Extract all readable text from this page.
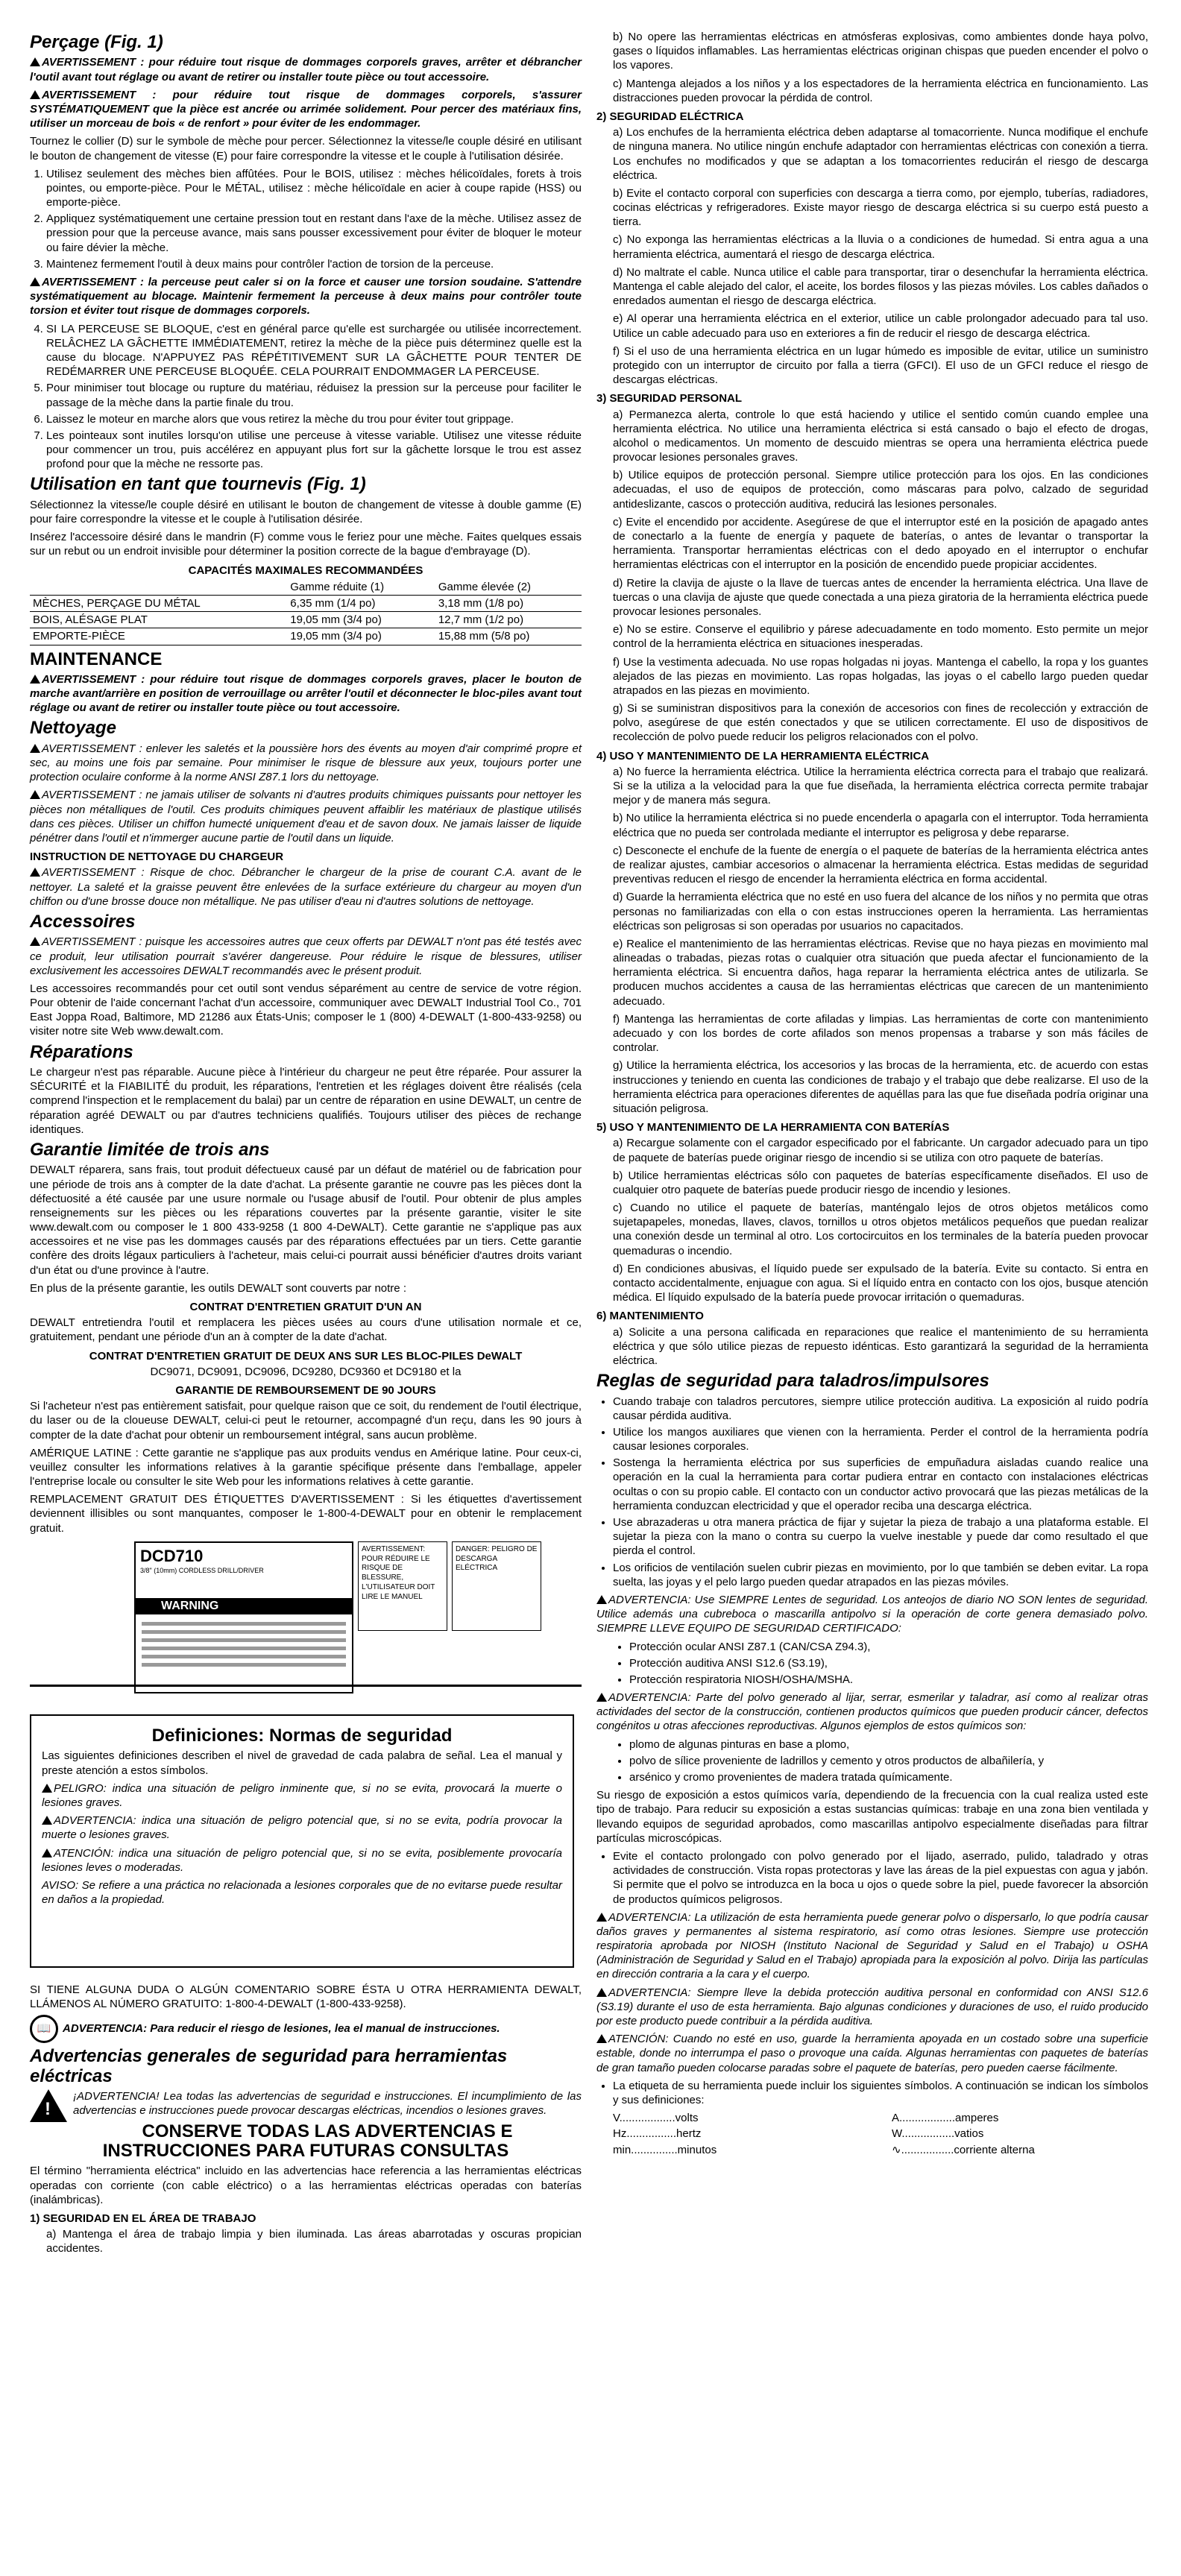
Perçage (Fig. 1)

AVERTISSEMENT : pour réduire tout risque de dommages corporels graves, arrêter et débrancher l'outil avant tout réglage ou avant de retirer ou installer toute pièce ou tout accessoire.

AVERTISSEMENT : pour réduire tout risque de dommages corporels, s'assurer SYSTÉMATIQUEMENT que la pièce est ancrée ou arrimée solidement. Pour percer des matériaux fins, utiliser un morceau de bois « de renfort » pour éviter de les endommager.

Tournez le collier (D) sur le symbole de mèche pour percer. Sélectionnez la vitesse/le couple désiré en utilisant le bouton de changement de vitesse (E) pour faire correspondre la vitesse et le couple à l'utilisation désirée.

1. Utilisez seulement des mèches bien affûtées. Pour le BOIS, utilisez : mèches hélicoïdales, forets à trois pointes, ou emporte-pièce. Pour le MÉTAL, utilisez : mèche hélicoïdale en acier à coupe rapide (HSS) ou emporte-pièce.
2. Appliquez systématiquement une certaine pression tout en restant dans l'axe de la mèche. Utilisez assez de pression pour que la perceuse avance, mais sans pousser excessivement pour éviter de bloquer le moteur ou faire dévier la mèche.
3. Maintenez fermement l'outil à deux mains pour contrôler l'action de torsion de la perceuse.

AVERTISSEMENT : la perceuse peut caler si on la force et causer une torsion soudaine. S'attendre systématiquement au blocage. Maintenir fermement la perceuse à deux mains pour contrôler toute torsion et éviter tout risque de dommages corporels.

4. SI LA PERCEUSE SE BLOQUE, c'est en général parce qu'elle est surchargée ou utilisée incorrectement. RELÂCHEZ LA GÂCHETTE IMMÉDIATEMENT, retirez la mèche de la pièce puis déterminez quelle est la cause du blocage. N'APPUYEZ PAS RÉPÉTITIVEMENT SUR LA GÂCHETTE POUR TENTER DE REDÉMARRER UNE PERCEUSE BLOQUÉE. CELA POURRAIT ENDOMMAGER LA PERCEUSE.
5. Pour minimiser tout blocage ou rupture du matériau, réduisez la pression sur la perceuse pour faciliter le passage de la mèche dans la partie finale du trou.
6. Laissez le moteur en marche alors que vous retirez la mèche du trou pour éviter tout grippage.
7. Les pointeaux sont inutiles lorsqu'on utilise une perceuse à vitesse variable. Utilisez une vitesse réduite pour commencer un trou, puis accélérez en appuyant plus fort sur la gâchette lorsque le trou est assez profond pour que la mèche ne ressorte pas.
Utilisation en tant que tournevis (Fig. 1)

Sélectionnez la vitesse/le couple désiré en utilisant le bouton de changement de vitesse à double gamme (E) pour faire correspondre la vitesse et le couple à l'utilisation désirée.

Insérez l'accessoire désiré dans le mandrin (F) comme vous le feriez pour une mèche. Faites quelques essais sur un rebut ou un endroit invisible pour déterminer la position correcte de la bague d'embrayage (D).

CAPACITÉS MAXIMALES RECOMMANDÉES
	Gamme réduite (1)	Gamme élevée (2)
MÈCHES, PERÇAGE DU MÉTAL	6,35 mm (1/4 po)	3,18 mm (1/8 po)
BOIS, ALÉSAGE PLAT	19,05 mm (3/4 po)	12,7 mm (1/2 po)
EMPORTE-PIÈCE	19,05 mm (3/4 po)	15,88 mm (5/8 po)
MAINTENANCE

AVERTISSEMENT : pour réduire tout risque de dommages corporels graves, placer le bouton de marche avant/arrière en position de verrouillage ou arrêter l'outil et déconnecter le bloc-piles avant tout réglage ou avant de retirer ou installer toute pièce ou tout accessoire.

Nettoyage

AVERTISSEMENT : enlever les saletés et la poussière hors des évents au moyen d'air comprimé propre et sec, au moins une fois par semaine. Pour minimiser le risque de blessure aux yeux, toujours porter une protection oculaire conforme à la norme ANSI Z87.1 lors du nettoyage.

AVERTISSEMENT : ne jamais utiliser de solvants ni d'autres produits chimiques puissants pour nettoyer les pièces non métalliques de l'outil. Ces produits chimiques peuvent affaiblir les matériaux de plastique utilisés dans ces pièces. Utiliser un chiffon humecté uniquement d'eau et de savon doux. Ne jamais laisser de liquide pénétrer dans l'outil et n'immerger aucune partie de l'outil dans un liquide.

INSTRUCTION DE NETTOYAGE DU CHARGEUR

AVERTISSEMENT : Risque de choc. Débrancher le chargeur de la prise de courant C.A. avant de le nettoyer. La saleté et la graisse peuvent être enlevées de la surface extérieure du chargeur au moyen d'un chiffon ou d'une brosse douce non métallique. Ne pas utiliser d'eau ni d'autres solutions de nettoyage.

Accessoires

AVERTISSEMENT : puisque les accessoires autres que ceux offerts par DEWALT n'ont pas été testés avec ce produit, leur utilisation pourrait s'avérer dangereuse. Pour réduire le risque de blessures, utiliser exclusivement les accessoires DEWALT recommandés avec le présent produit.

Les accessoires recommandés pour cet outil sont vendus séparément au centre de service de votre région. Pour obtenir de l'aide concernant l'achat d'un accessoire, communiquer avec DEWALT Industrial Tool Co., 701 East Joppa Road, Baltimore, MD 21286 aux États-Unis; composer le 1 (800) 4-DEWALT (1-800-433-9258) ou visiter notre site Web www.dewalt.com.

Réparations

Le chargeur n'est pas réparable. Aucune pièce à l'intérieur du chargeur ne peut être réparée. Pour assurer la SÉCURITÉ et la FIABILITÉ du produit, les réparations, l'entretien et les réglages doivent être réalisés (cela comprend l'inspection et le remplacement du balai) par un centre de réparation en usine DEWALT, un centre de réparation agréé DEWALT ou par d'autres techniciens qualifiés. Toujours utiliser des pièces de rechange identiques.

Garantie limitée de trois ans

DEWALT réparera, sans frais, tout produit défectueux causé par un défaut de matériel ou de fabrication pour une période de trois ans à compter de la date d'achat. La présente garantie ne couvre pas les pièces dont la défectuosité a été causée par une usure normale ou l'usage abusif de l'outil. Pour obtenir de plus amples renseignements sur les pièces ou les réparations couvertes par la présente garantie, visiter le site www.dewalt.com ou composer le 1 800 433-9258 (1 800 4-DeWALT). Cette garantie ne s'applique pas aux accessoires et ne vise pas les dommages causés par des réparations effectuées par un tiers. Cette garantie confère des droits légaux particuliers à l'acheteur, mais celui-ci pourrait aussi bénéficier d'autres droits variant d'un état ou d'une province à l'autre.

En plus de la présente garantie, les outils DEWALT sont couverts par notre :

CONTRAT D'ENTRETIEN GRATUIT D'UN AN

DEWALT entretiendra l'outil et remplacera les pièces usées au cours d'une utilisation normale et ce, gratuitement, pendant une période d'un an à compter de la date d'achat.

CONTRAT D'ENTRETIEN GRATUIT DE DEUX ANS SUR LES BLOC-PILES DeWALT

DC9071, DC9091, DC9096, DC9280, DC9360 et DC9180 et la

GARANTIE DE REMBOURSEMENT DE 90 JOURS

Si l'acheteur n'est pas entièrement satisfait, pour quelque raison que ce soit, du rendement de l'outil électrique, du laser ou de la cloueuse DEWALT, celui-ci peut le retourner, accompagné d'un reçu, dans les 90 jours à compter de la date d'achat pour obtenir un remboursement intégral, sans aucun problème.

AMÉRIQUE LATINE : Cette garantie ne s'applique pas aux produits vendus en Amérique latine. Pour ceux-ci, veuillez consulter les informations relatives à la garantie spécifique présente dans l'emballage, appeler l'entreprise locale ou consulter le site Web pour les informations relatives à cette garantie.

REMPLACEMENT GRATUIT DES ÉTIQUETTES D'AVERTISSEMENT : Si les étiquettes d'avertissement deviennent illisibles ou sont manquantes, composer le 1-800-4-DEWALT pour en obtenir le remplacement gratuit.

DCD710
3/8" (10mm) CORDLESS DRILL/DRIVER
WARNING
AVERTISSEMENT: POUR RÉDUIRE LE RISQUE DE BLESSURE, L'UTILISATEUR DOIT LIRE LE MANUEL
DANGER: PELIGRO DE DESCARGA ELÉCTRICA
Definiciones: Normas de seguridad

Las siguientes definiciones describen el nivel de gravedad de cada palabra de señal. Lea el manual y preste atención a estos símbolos.

PELIGRO: indica una situación de peligro inminente que, si no se evita, provocará la muerte o lesiones graves.

ADVERTENCIA: indica una situación de peligro potencial que, si no se evita, podría provocar la muerte o lesiones graves.

ATENCIÓN: indica una situación de peligro potencial que, si no se evita, posiblemente provocaría lesiones leves o moderadas.

AVISO: Se refiere a una práctica no relacionada a lesiones corporales que de no evitarse puede resultar en daños a la propiedad.

SI TIENE ALGUNA DUDA O ALGÚN COMENTARIO SOBRE ÉSTA U OTRA HERRAMIENTA DEWALT, LLÁMENOS AL NÚMERO GRATUITO: 1-800-4-DEWALT (1-800-433-9258).

📖 ADVERTENCIA: Para reducir el riesgo de lesiones, lea el manual de instrucciones.

Advertencias generales de seguridad para herramientas eléctricas

!
¡ADVERTENCIA! Lea todas las advertencias de seguridad e instrucciones. El incumplimiento de las advertencias e instrucciones puede provocar descargas eléctricas, incendios o lesiones graves.

CONSERVE TODAS LAS ADVERTENCIAS E INSTRUCCIONES PARA FUTURAS CONSULTAS

El término "herramienta eléctrica" incluido en las advertencias hace referencia a las herramientas eléctricas operadas con corriente (con cable eléctrico) o a las herramientas eléctricas operadas con baterías (inalámbricas).

1) SEGURIDAD EN EL ÁREA DE TRABAJO

a) Mantenga el área de trabajo limpia y bien iluminada. Las áreas abarrotadas y oscuras propician accidentes.

b) No opere las herramientas eléctricas en atmósferas explosivas, como ambientes donde haya polvo, gases o líquidos inflamables. Las herramientas eléctricas originan chispas que pueden encender el polvo o los vapores.

c) Mantenga alejados a los niños y a los espectadores de la herramienta eléctrica en funcionamiento. Las distracciones pueden provocar la pérdida de control.

2) SEGURIDAD ELÉCTRICA

a) Los enchufes de la herramienta eléctrica deben adaptarse al tomacorriente. Nunca modifique el enchufe de ninguna manera. No utilice ningún enchufe adaptador con herramientas eléctricas con conexión a tierra. Los enchufes no modificados y que se adaptan a los tomacorrientes reducirán el riesgo de descarga eléctrica.

b) Evite el contacto corporal con superficies con descarga a tierra como, por ejemplo, tuberías, radiadores, cocinas eléctricas y refrigeradores. Existe mayor riesgo de descarga eléctrica si su cuerpo está puesto a tierra.

c) No exponga las herramientas eléctricas a la lluvia o a condiciones de humedad. Si entra agua a una herramienta eléctrica, aumentará el riesgo de descarga eléctrica.

d) No maltrate el cable. Nunca utilice el cable para transportar, tirar o desenchufar la herramienta eléctrica. Mantenga el cable alejado del calor, el aceite, los bordes filosos y las piezas móviles. Los cables dañados o enredados aumentan el riesgo de descarga eléctrica.

e) Al operar una herramienta eléctrica en el exterior, utilice un cable prolongador adecuado para tal uso. Utilice un cable adecuado para uso en exteriores a fin de reducir el riesgo de descarga eléctrica.

f) Si el uso de una herramienta eléctrica en un lugar húmedo es imposible de evitar, utilice un suministro protegido con un interruptor de circuito por falla a tierra (GFCI). El uso de un GFCI reduce el riesgo de descargas eléctricas.

3) SEGURIDAD PERSONAL

a) Permanezca alerta, controle lo que está haciendo y utilice el sentido común cuando emplee una herramienta eléctrica. No utilice una herramienta eléctrica si está cansado o bajo el efecto de drogas, alcohol o medicamentos. Un momento de descuido mientras se opera una herramienta eléctrica puede provocar lesiones personales graves.

b) Utilice equipos de protección personal. Siempre utilice protección para los ojos. En las condiciones adecuadas, el uso de equipos de protección, como máscaras para polvo, calzado de seguridad antideslizante, cascos o protección auditiva, reducirá las lesiones personales.

c) Evite el encendido por accidente. Asegúrese de que el interruptor esté en la posición de apagado antes de conectarlo a la fuente de energía y paquete de baterías, o antes de levantar o transportar la herramienta. Transportar herramientas eléctricas con el dedo apoyado en el interruptor o enchufar herramientas eléctricas con el interruptor en la posición de encendido puede propiciar accidentes.

d) Retire la clavija de ajuste o la llave de tuercas antes de encender la herramienta eléctrica. Una llave de tuercas o una clavija de ajuste que quede conectada a una pieza giratoria de la herramienta eléctrica puede provocar lesiones personales.

e) No se estire. Conserve el equilibrio y párese adecuadamente en todo momento. Esto permite un mejor control de la herramienta eléctrica en situaciones inesperadas.

f) Use la vestimenta adecuada. No use ropas holgadas ni joyas. Mantenga el cabello, la ropa y los guantes alejados de las piezas en movimiento. Las ropas holgadas, las joyas o el cabello largo pueden quedar atrapados en las piezas en movimiento.

g) Si se suministran dispositivos para la conexión de accesorios con fines de recolección y extracción de polvo, asegúrese de que estén conectados y que se utilicen correctamente. El uso de dispositivos de recolección de polvo puede reducir los peligros relacionados con el polvo.

4) USO Y MANTENIMIENTO DE LA HERRAMIENTA ELÉCTRICA

a) No fuerce la herramienta eléctrica. Utilice la herramienta eléctrica correcta para el trabajo que realizará. Si se la utiliza a la velocidad para la que fue diseñada, la herramienta eléctrica correcta permite trabajar mejor y de manera más segura.

b) No utilice la herramienta eléctrica si no puede encenderla o apagarla con el interruptor. Toda herramienta eléctrica que no pueda ser controlada mediante el interruptor es peligrosa y debe repararse.

c) Desconecte el enchufe de la fuente de energía o el paquete de baterías de la herramienta eléctrica antes de realizar ajustes, cambiar accesorios o almacenar la herramienta eléctrica. Estas medidas de seguridad preventivas reducen el riesgo de encender la herramienta eléctrica en forma accidental.

d) Guarde la herramienta eléctrica que no esté en uso fuera del alcance de los niños y no permita que otras personas no familiarizadas con ella o con estas instrucciones operen la herramienta. Las herramientas eléctricas son peligrosas si son operadas por usuarios no capacitados.

e) Realice el mantenimiento de las herramientas eléctricas. Revise que no haya piezas en movimiento mal alineadas o trabadas, piezas rotas o cualquier otra situación que pueda afectar el funcionamiento de la herramienta eléctrica. Si encuentra daños, haga reparar la herramienta eléctrica antes de utilizarla. Se producen muchos accidentes a causa de las herramientas eléctricas que carecen de un mantenimiento adecuado.

f) Mantenga las herramientas de corte afiladas y limpias. Las herramientas de corte con mantenimiento adecuado y con los bordes de corte afilados son menos propensas a trabarse y son más fáciles de controlar.

g) Utilice la herramienta eléctrica, los accesorios y las brocas de la herramienta, etc. de acuerdo con estas instrucciones y teniendo en cuenta las condiciones de trabajo y el trabajo que debe realizarse. El uso de la herramienta eléctrica para operaciones diferentes de aquéllas para las que fue diseñada podría originar una situación peligrosa.

5) USO Y MANTENIMIENTO DE LA HERRAMIENTA CON BATERÍAS

a) Recargue solamente con el cargador especificado por el fabricante. Un cargador adecuado para un tipo de paquete de baterías puede originar riesgo de incendio si se utiliza con otro paquete de baterías.

b) Utilice herramientas eléctricas sólo con paquetes de baterías específicamente diseñados. El uso de cualquier otro paquete de baterías puede producir riesgo de incendio y lesiones.

c) Cuando no utilice el paquete de baterías, manténgalo lejos de otros objetos metálicos como sujetapapeles, monedas, llaves, clavos, tornillos u otros objetos metálicos pequeños que puedan realizar una conexión desde un terminal al otro. Los cortocircuitos en los terminales de la batería pueden provocar quemaduras o incendio.

d) En condiciones abusivas, el líquido puede ser expulsado de la batería. Evite su contacto. Si entra en contacto accidentalmente, enjuague con agua. Si el líquido entra en contacto con los ojos, busque atención médica. El líquido expulsado de la batería puede provocar irritación o quemaduras.

6) MANTENIMIENTO

a) Solicite a una persona calificada en reparaciones que realice el mantenimiento de su herramienta eléctrica y que sólo utilice piezas de repuesto idénticas. Esto garantizará la seguridad de la herramienta eléctrica.

Reglas de seguridad para taladros/impulsores
• Cuando trabaje con taladros percutores, siempre utilice protección auditiva. La exposición al ruido podría causar pérdida auditiva.
• Utilice los mangos auxiliares que vienen con la herramienta. Perder el control de la herramienta podría causar lesiones corporales.
• Sostenga la herramienta eléctrica por sus superficies de empuñadura aisladas cuando realice una operación en la cual la herramienta para cortar pudiera entrar en contacto con instalaciones eléctricas ocultas o con su propio cable. El contacto con un conductor activo provocará que las piezas metálicas de la herramienta conduzcan electricidad y que el operador reciba una descarga eléctrica.
• Use abrazaderas u otra manera práctica de fijar y sujetar la pieza de trabajo a una plataforma estable. El sujetar la pieza con la mano o contra su cuerpo la vuelve inestable y puede dar como resultado el que pierda el control.
• Los orificios de ventilación suelen cubrir piezas en movimiento, por lo que también se deben evitar. La ropa suelta, las joyas y el pelo largo pueden quedar atrapados en las piezas móviles.

ADVERTENCIA: Use SIEMPRE Lentes de seguridad. Los anteojos de diario NO SON lentes de seguridad. Utilice además una cubreboca o mascarilla antipolvo si la operación de corte genera demasiado polvo. SIEMPRE LLEVE EQUIPO DE SEGURIDAD CERTIFICADO:

• Protección ocular ANSI Z87.1 (CAN/CSA Z94.3),
• Protección auditiva ANSI S12.6 (S3.19),
• Protección respiratoria NIOSH/OSHA/MSHA.

ADVERTENCIA: Parte del polvo generado al lijar, serrar, esmerilar y taladrar, así como al realizar otras actividades del sector de la construcción, contienen productos químicos que pueden producir cáncer, defectos congénitos u otras afecciones reproductivas. Algunos ejemplos de estos químicos son:

• plomo de algunas pinturas en base a plomo,
• polvo de sílice proveniente de ladrillos y cemento y otros productos de albañilería, y
• arsénico y cromo provenientes de madera tratada químicamente.

Su riesgo de exposición a estos químicos varía, dependiendo de la frecuencia con la cual realiza usted este tipo de trabajo. Para reducir su exposición a estas sustancias químicas: trabaje en una zona bien ventilada y llevando equipos de seguridad aprobados, como mascarillas antipolvo especialmente diseñadas para filtrar partículas microscópicas.

• Evite el contacto prolongado con polvo generado por el lijado, aserrado, pulido, taladrado y otras actividades de construcción. Vista ropas protectoras y lave las áreas de la piel expuestas con agua y jabón. Si permite que el polvo se introduzca en la boca u ojos o quede sobre la piel, puede favorecer la absorción de productos químicos peligrosos.

ADVERTENCIA: La utilización de esta herramienta puede generar polvo o dispersarlo, lo que podría causar daños graves y permanentes al sistema respiratorio, así como otras lesiones. Siempre use protección respiratoria aprobada por NIOSH (Instituto Nacional de Seguridad y Salud en el Trabajo) u OSHA (Administración de Seguridad y Salud en el Trabajo) apropiada para la exposición al polvo. Dirija las partículas en dirección contraria a la cara y el cuerpo.

ADVERTENCIA: Siempre lleve la debida protección auditiva personal en conformidad con ANSI S12.6 (S3.19) durante el uso de esta herramienta. Bajo algunas condiciones y duraciones de uso, el ruido producido por este producto puede contribuir a la pérdida auditiva.

ATENCIÓN: Cuando no esté en uso, guarde la herramienta apoyada en un costado sobre una superficie estable, donde no interrumpa el paso o provoque una caída. Algunas herramientas con paquetes de baterías de gran tamaño pueden colocarse paradas sobre el paquete de baterías, pero pueden caerse fácilmente.

• La etiqueta de su herramienta puede incluir los siguientes símbolos. A continuación se indican los símbolos y sus definiciones:
V..................volts	A..................amperes
Hz................hertz	W.................vatios
min...............minutos	∿.................corriente alterna
